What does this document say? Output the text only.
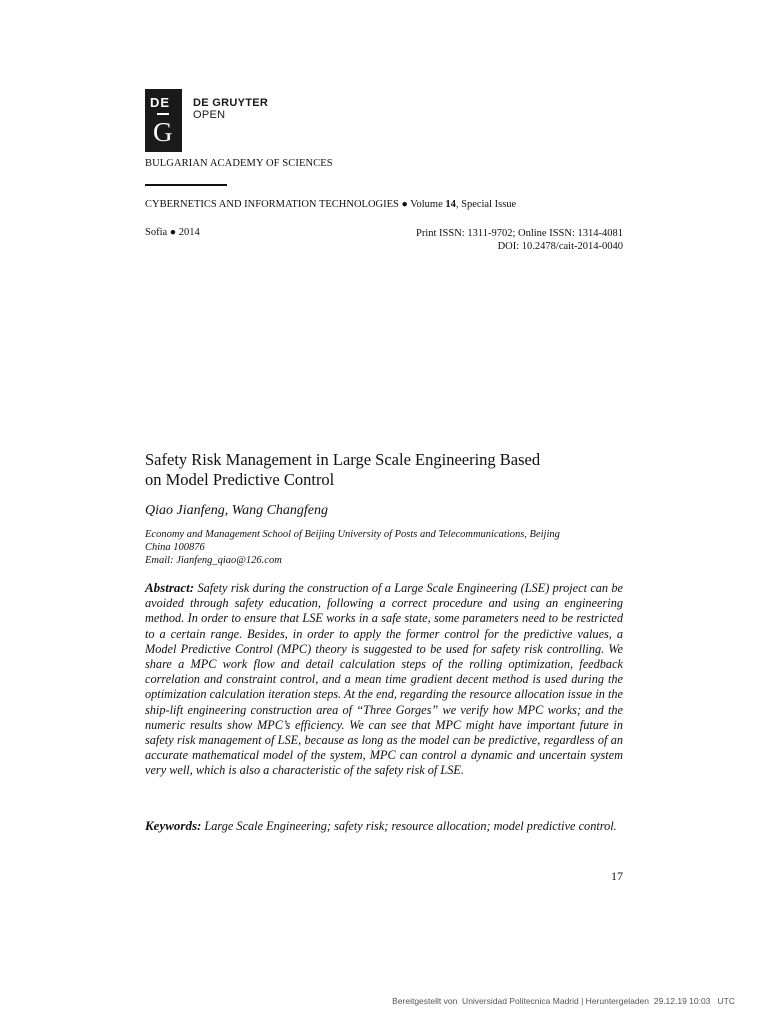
DE
G
DE GRUYTER
OPEN
BULGARIAN ACADEMY OF SCIENCES
CYBERNETICS AND INFORMATION TECHNOLOGIES ● Volume 14, Special Issue
Sofia ● 2014	Print ISSN: 1311-9702; Online ISSN: 1314-4081
DOI: 10.2478/cait-2014-0040
Safety Risk Management in Large Scale Engineering Based
on Model Predictive Control
Qiao Jianfeng, Wang Changfeng
Economy and Management School of Beijing University of Posts and Telecommunications, Beijing
China 100876
Email: Jianfeng_qiao@126.com
Abstract: Safety risk during the construction of a Large Scale Engineering (LSE) project can be avoided through safety education, following a correct procedure and using an engineering method. In order to ensure that LSE works in a safe state, some parameters need to be restricted to a certain range. Besides, in order to apply the former control for the predictive values, a Model Predictive Control (MPC) theory is suggested to be used for safety risk controlling. We share a MPC work flow and detail calculation steps of the rolling optimization, feedback correlation and constraint control, and a mean time gradient decent method is used during the optimization calculation iteration steps. At the end, regarding the resource allocation issue in the ship-lift engineering construction area of “Three Gorges” we verify how MPC works; and the numeric results show MPC’s efficiency. We can see that MPC might have important future in safety risk management of LSE, because as long as the model can be predictive, regardless of an accurate mathematical model of the system, MPC can control a dynamic and uncertain system very well, which is also a characteristic of the safety risk of LSE.
Keywords: Large Scale Engineering; safety risk; resource allocation; model predictive control.
17
Bereitgestellt von  Universidad Politecnica Madrid | Heruntergeladen  29.12.19 10:03   UTC
